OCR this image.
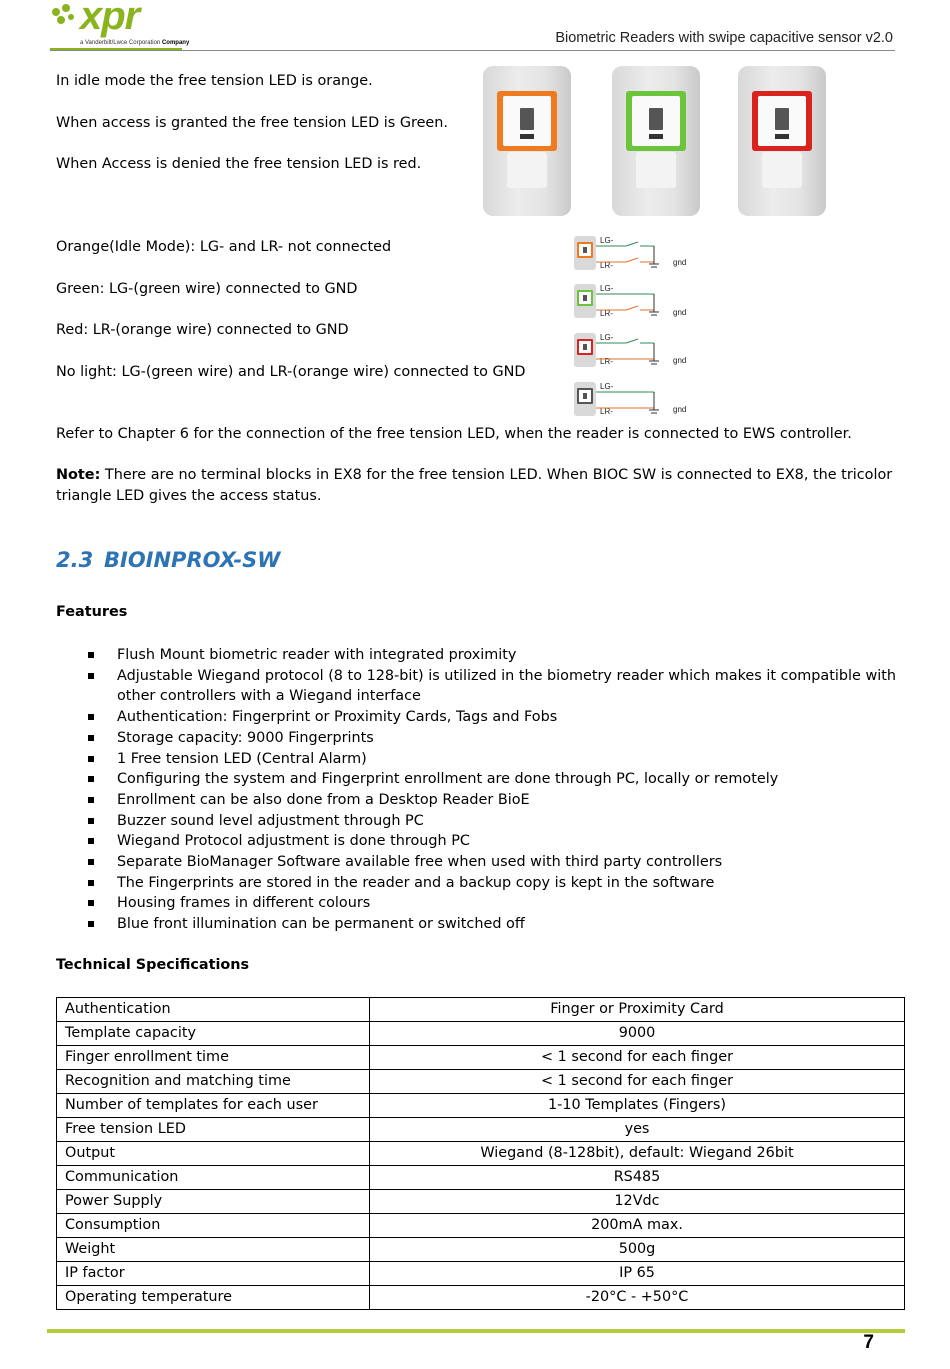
xpr
a Vanderbilt/Lwce Corporation Company	Biometric Readers with swipe capacitive sensor v2.0
In idle mode the free tension LED is orange.
When access is granted the free tension LED is Green.
When Access is denied the free tension LED is red.
Orange(Idle Mode): LG- and LR- not connected
Green: LG-(green wire) connected to GND
Red: LR-(orange wire) connected to GND
No light: LG-(green wire) and LR-(orange wire) connected to GND
LG-
LR-	gnd
LG-
LR-	gnd
LG-
LR-	gnd
LG-
LR-	gnd
Refer to Chapter 6 for the connection of the free tension LED, when the reader is connected to EWS controller.
Note: There are no terminal blocks in EX8 for the free tension LED. When BIOC SW is connected to EX8, the tricolor
triangle LED gives the access status.
2.3 BIOINPROX-SW
Features
Flush Mount biometric reader with integrated proximity
Adjustable Wiegand protocol (8 to 128-bit) is utilized in the biometry reader which makes it compatible with other controllers with a Wiegand interface
Authentication: Fingerprint or Proximity Cards, Tags and Fobs
Storage capacity: 9000 Fingerprints
1 Free tension LED (Central Alarm)
Configuring the system and Fingerprint enrollment are done through PC, locally or remotely
Enrollment can be also done from a Desktop Reader BioE
Buzzer sound level adjustment through PC
Wiegand Protocol adjustment is done through PC
Separate BioManager Software available free when used with third party controllers
The Fingerprints are stored in the reader and a backup copy is kept in the software
Housing frames in different colours
Blue front illumination can be permanent or switched off
Technical Specifications
Authentication	Finger or Proximity Card
Template capacity	9000
Finger enrollment time	< 1 second for each finger
Recognition and matching time	< 1 second for each finger
Number of templates for each user	1-10 Templates (Fingers)
Free tension LED	yes
Output	Wiegand (8-128bit), default: Wiegand 26bit
Communication	RS485
Power Supply	12Vdc
Consumption	200mA max.
Weight	500g
IP factor	IP 65
Operating temperature	-20°C - +50°C
7
